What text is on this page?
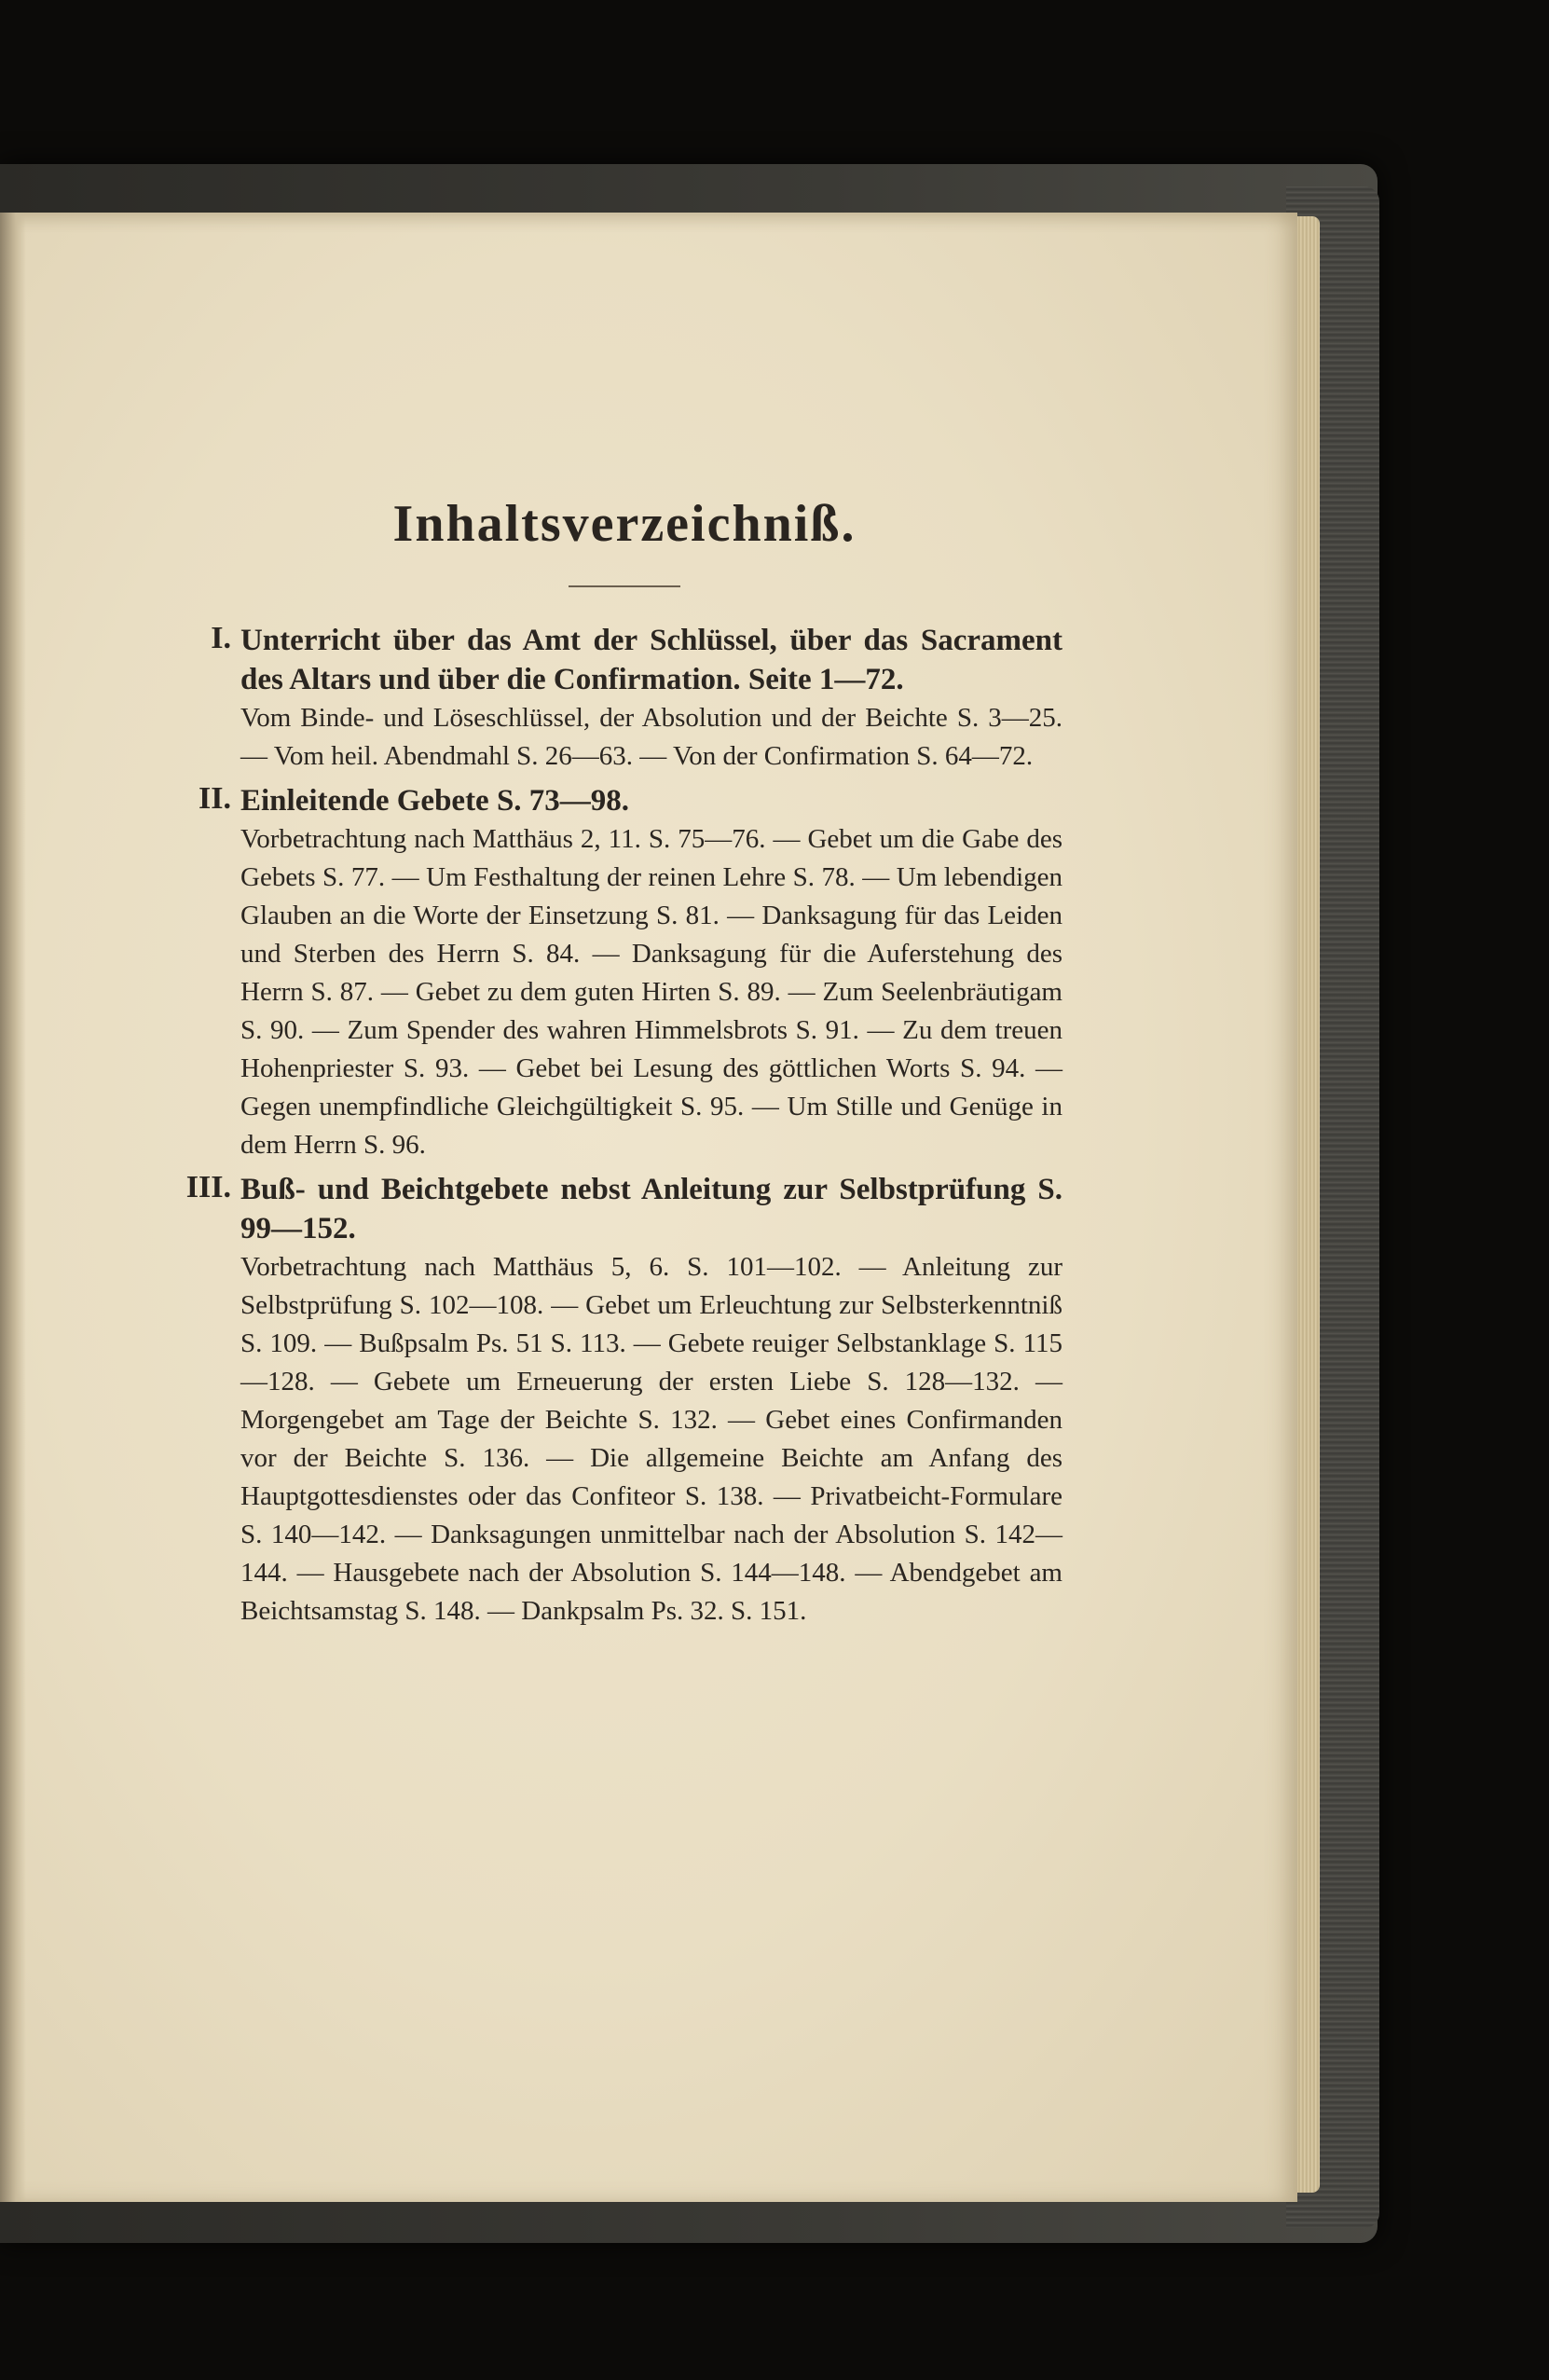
Inhaltsverzeichniß.
I. Unterricht über das Amt der Schlüssel, über das Sacrament des Altars und über die Confirmation. Seite 1—72.
Vom Binde- und Löseschlüssel, der Absolution und der Beichte S. 3—25. — Vom heil. Abendmahl S. 26—63. — Von der Confirmation S. 64—72.
II. Einleitende Gebete S. 73—98.
Vorbetrachtung nach Matthäus 2, 11. S. 75—76. — Gebet um die Gabe des Gebets S. 77. — Um Festhaltung der reinen Lehre S. 78. — Um lebendigen Glauben an die Worte der Einsetzung S. 81. — Danksagung für das Leiden und Sterben des Herrn S. 84. — Danksagung für die Auferstehung des Herrn S. 87. — Gebet zu dem guten Hirten S. 89. — Zum Seelenbräutigam S. 90. — Zum Spender des wahren Himmelsbrots S. 91. — Zu dem treuen Hohenpriester S. 93. — Gebet bei Lesung des göttlichen Worts S. 94. — Gegen unempfindliche Gleichgültigkeit S. 95. — Um Stille und Genüge in dem Herrn S. 96.
III. Buß- und Beichtgebete nebst Anleitung zur Selbstprüfung S. 99—152.
Vorbetrachtung nach Matthäus 5, 6. S. 101—102. — Anleitung zur Selbstprüfung S. 102—108. — Gebet um Erleuchtung zur Selbsterkenntniß S. 109. — Bußpsalm Ps. 51 S. 113. — Gebete reuiger Selbstanklage S. 115—128. — Gebete um Erneuerung der ersten Liebe S. 128—132. — Morgengebet am Tage der Beichte S. 132. — Gebet eines Confirmanden vor der Beichte S. 136. — Die allgemeine Beichte am Anfang des Hauptgottesdienstes oder das Confiteor S. 138. — Privatbeicht-Formulare S. 140—142. — Danksagungen unmittelbar nach der Absolution S. 142—144. — Hausgebete nach der Absolution S. 144—148. — Abendgebet am Beichtsamstag S. 148. — Dankpsalm Ps. 32. S. 151.
